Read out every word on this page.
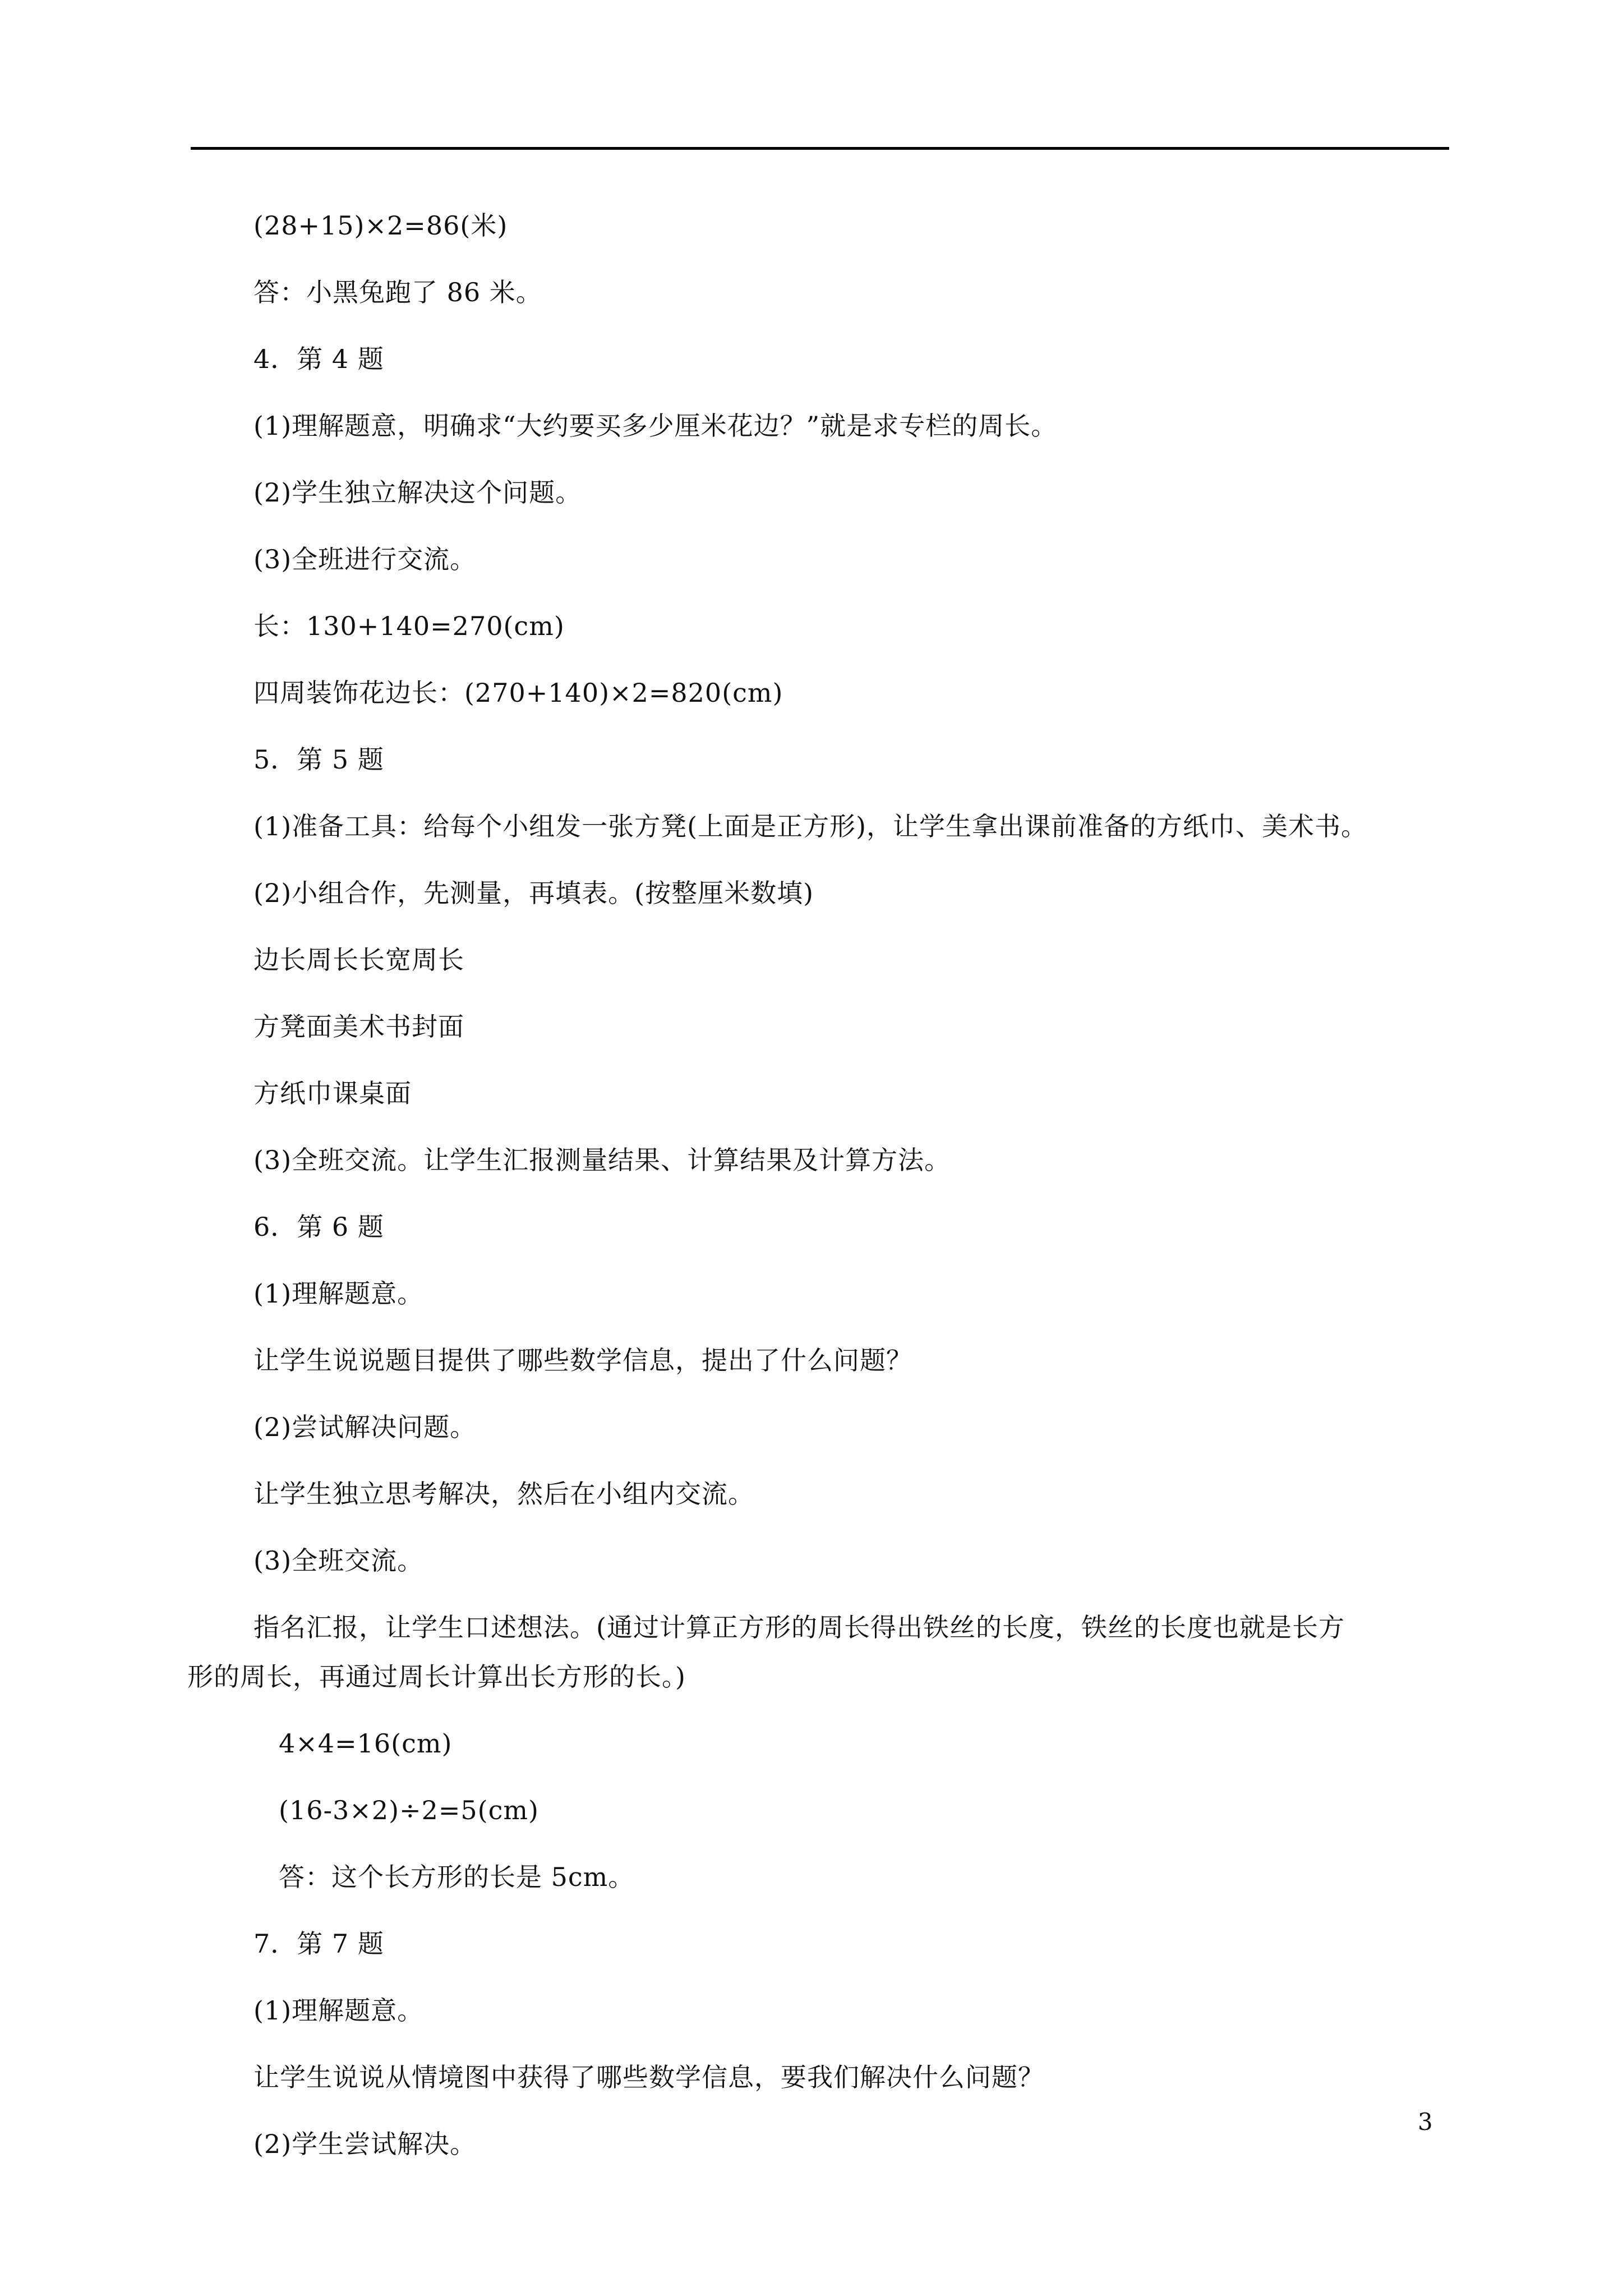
(28+15)×2=86(米)
答：小黑兔跑了 86 米。
4．第 4 题
(1)理解题意，明确求“大约要买多少厘米花边？”就是求专栏的周长。
(2)学生独立解决这个问题。
(3)全班进行交流。
长：130+140=270(cm)
四周装饰花边长：(270+140)×2=820(cm)
5．第 5 题
(1)准备工具：给每个小组发一张方凳(上面是正方形)，让学生拿出课前准备的方纸巾、美术书。
(2)小组合作，先测量，再填表。(按整厘米数填)
边长周长长宽周长
方凳面美术书封面
方纸巾课桌面
(3)全班交流。让学生汇报测量结果、计算结果及计算方法。
6．第 6 题
(1)理解题意。
让学生说说题目提供了哪些数学信息，提出了什么问题？
(2)尝试解决问题。
让学生独立思考解决，然后在小组内交流。
(3)全班交流。
指名汇报，让学生口述想法。(通过计算正方形的周长得出铁丝的长度，铁丝的长度也就是长方
形的周长，再通过周长计算出长方形的长。)
4×4=16(cm)
(16-3×2)÷2=5(cm)
答：这个长方形的长是 5cm。
7．第 7 题
(1)理解题意。
让学生说说从情境图中获得了哪些数学信息，要我们解决什么问题？
(2)学生尝试解决。
3
